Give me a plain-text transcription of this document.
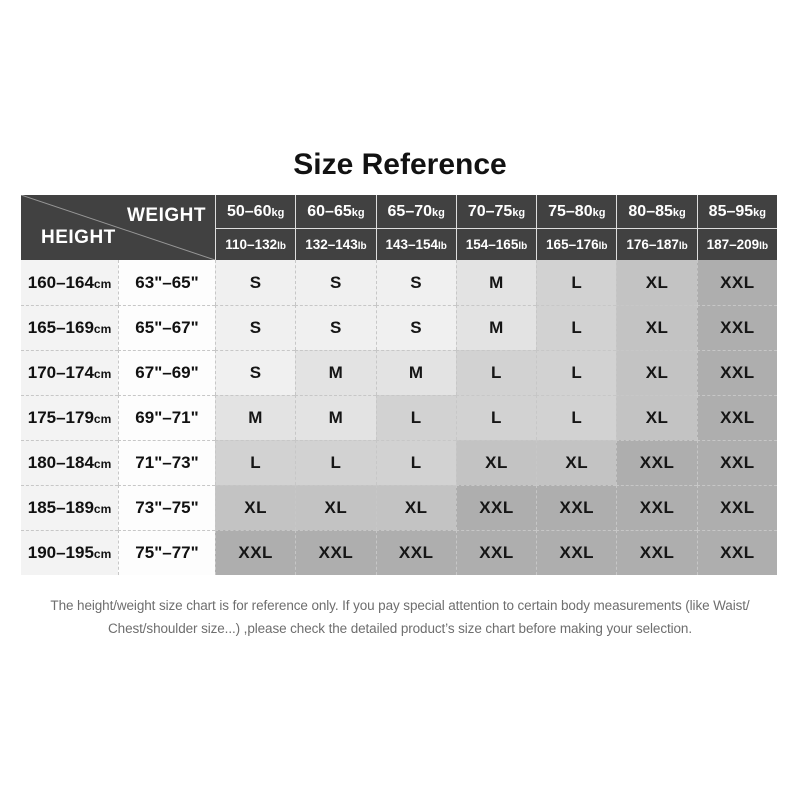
Size Reference
WEIGHT
HEIGHT
50–60kg 60–65kg 65–70kg 70–75kg 75–80kg 80–85kg 85–95kg
110–132lb 132–143lb 143–154lb 154–165lb 165–176lb 176–187lb 187–209lb
160–164cm 63"–65"	S	S	S	M	L	XL	XXL
165–169cm 65"–67"	S	S	S	M	L	XL	XXL
170–174cm 67"–69"	S	M	M	L	L	XL	XXL
175–179cm 69"–71"	M	M	L	L	L	XL	XXL
180–184cm 71"–73"	L	L	L	XL	XL	XXL	XXL
185–189cm 73"–75"	XL	XL	XL	XXL	XXL	XXL	XXL
190–195cm 75"–77" XXL	XXL	XXL	XXL	XXL	XXL	XXL

The height/weight size chart is for reference only. If you pay special attention to certain body measurements (like Waist/

Chest/shoulder size...) ,please check the detailed product’s size chart before making your selection.
